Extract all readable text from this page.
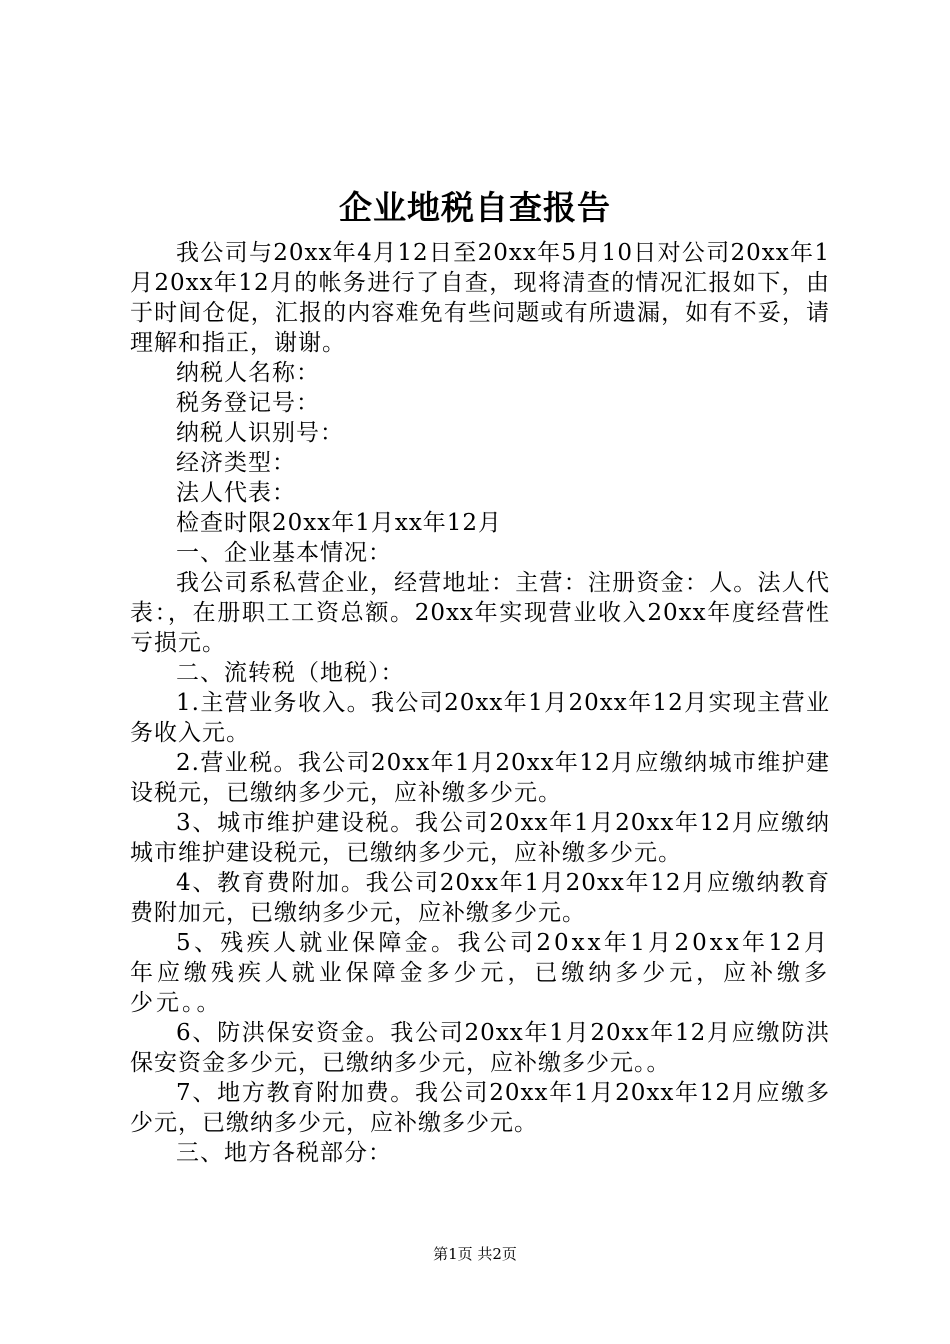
企业地税自查报告

我公司与20xx年4月12日至20xx年5月10日对公司20xx年1月20xx年12月的帐务进行了自查，现将清查的情况汇报如下，由于时间仓促，汇报的内容难免有些问题或有所遗漏，如有不妥，请理解和指正，谢谢。

纳税人名称：

税务登记号：

纳税人识别号：

经济类型：

法人代表：

检查时限20xx年1月xx年12月

一、企业基本情况：

我公司系私营企业，经营地址：主营：注册资金：人。法人代表：，在册职工工资总额。20xx年实现营业收入20xx年度经营性亏损元。

二、流转税（地税）：

1.主营业务收入。我公司20xx年1月20xx年12月实现主营业务收入元。

2.营业税。我公司20xx年1月20xx年12月应缴纳城市维护建设税元，已缴纳多少元，应补缴多少元。

3、城市维护建设税。我公司20xx年1月20xx年12月应缴纳城市维护建设税元，已缴纳多少元，应补缴多少元。

4、教育费附加。我公司20xx年1月20xx年12月应缴纳教育费附加元，已缴纳多少元，应补缴多少元。

5、残疾人就业保障金。我公司20xx年1月20xx年12月年应缴残疾人就业保障金多少元，已缴纳多少元，应补缴多少元。。

6、防洪保安资金。我公司20xx年1月20xx年12月应缴防洪保安资金多少元，已缴纳多少元，应补缴多少元。。

7、地方教育附加费。我公司20xx年1月20xx年12月应缴多少元，已缴纳多少元，应补缴多少元。

三、地方各税部分：

第1页 共2页
